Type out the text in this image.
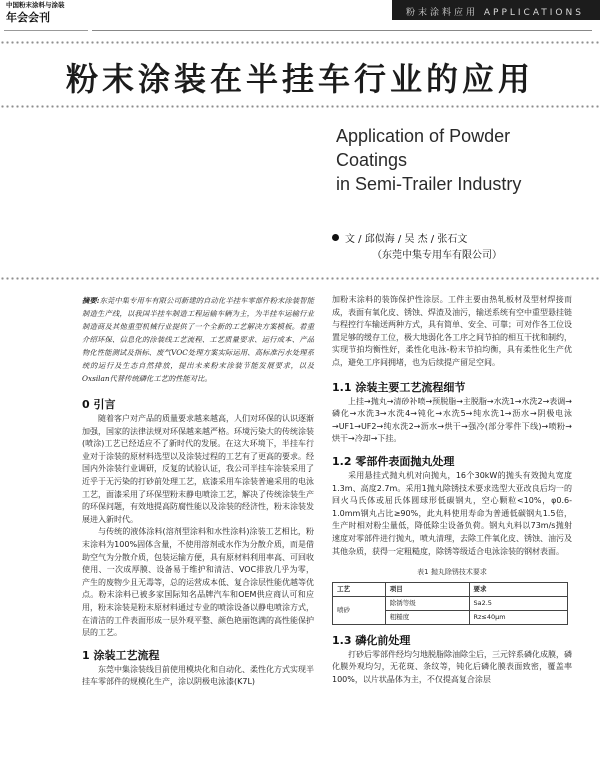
中国粉末涂料与涂装
年会会刊	粉末涂料应用 APPLICATIONS
粉末涂装在半挂车行业的应用
Application of Powder Coatings
in Semi-Trailer Industry
文 / 邱似海 / 吴 杰 / 张石文
（东莞中集专用车有限公司）

摘要:东莞中集专用车有限公司新建的自动化半挂车零部件粉末涂装智能制造生产线，以我国半挂车制造工程运输车辆为主，为半挂车运输行业制造商及其他重型机械行业提供了一个全新的工艺解决方案模板。着重介绍环保、信息化的涂装线工艺流程、工艺质量要求、运行成本、产品物化性能测试及指标、废气VOC处理方案实际运用、高标准污水处理系统的运行及生态自然排放，提出未来粉末涂装节能发展要求，以及Oxsilan代替传统磷化工艺的性能对比。

0 引言

随着客户对产品的质量要求越来越高，人们对环保的认识逐渐加强，国家的法律法规对环保越来越严格。环境污染大的传统涂装(喷涂)工艺已经适应不了新时代的发展。在这大环境下，半挂车行业对于涂装的原材料选型以及涂装过程的工艺有了更高的要求。经国内外涂装行业调研，反复的试验认证，我公司半挂车涂装采用了近乎于无污染的打砂前处理工艺，底漆采用车涂装普遍采用的电泳工艺，面漆采用了环保型粉末静电喷涂工艺，解决了传统涂装生产的环保问题，有效地提高防腐性能以及涂装的经济性，粉末涂装发展进入新时代。

与传统的液体涂料(溶剂型涂料和水性涂料)涂装工艺相比，粉末涂料为100%固体含量，不使用溶剂或水作为分散介质，而是借助空气为分散介质，包装运输方便，具有原材料利用率高、可回收使用、一次成厚膜、设备易于维护和清洁、VOC排放几乎为零，产生的废物少且无毒等，总的运营成本低、复合涂层性能优越等优点。粉末涂料已被多家国际知名品牌汽车和OEM供应商认可和应用，粉末涂装是粉末原材料通过专业的喷涂设备以静电喷涂方式，在清洁的工件表面形成一层外观平整、颜色艳丽饱满的高性能保护层的工艺。

1 涂装工艺流程

东莞中集涂装线目前使用模块化和自动化、柔性化方式实现半挂车零部件的规模化生产，涂以阴极电泳漆(K7L)

加粉末涂料的装饰保护性涂层。工件主要由热轧板材及型材焊接而成，表面有氧化皮、锈蚀、焊渣及油污，输送系统有空中重型悬挂链与程控行车输送两种方式，具有简单、安全、可靠；可对作各工位设置足够的缓存工位，极大地弱化各工序之间节拍的相互干扰和制约，实现节拍均衡性好，柔性化电泳-粉末节拍均衡，具有柔性化生产优点，避免工序间拥堵，也为后续提产留足空间。

1.1 涂装主要工艺流程细节

上挂→抛丸→清砂补喷→预脱脂→主脱脂→水洗1→水洗2→表调→磷化→水洗3→水洗4→钝化→水洗5→纯水洗1→沥水→阴极电泳→UF1→UF2→纯水洗2→沥水→烘干→强冷(部分零件下线)→喷粉→烘干→冷却→下挂。

1.2 零部件表面抛丸处理

采用悬挂式抛丸机对向抛丸，16个30kW的抛头有效抛丸宽度1.3m、高度2.7m。采用1抛丸除锈技术要求选型大亚改良后均一的回火马氏体或屈氏体圆球形低碳钢丸，空心颗粒<10%，φ0.6-1.0mm钢丸占比≥90%，此丸料使用寿命为普通低碳钢丸1.5倍，生产时相对粉尘量低，降低除尘设备负荷。钢丸丸料以73m/s抛射速度对零部件进行抛丸，喷丸清理，去除工件氧化皮、锈蚀、油污及其他杂质，获得一定粗糙度，除锈等级适合电泳涂装的钢材表面。

表1 抛丸除锈技术要求

工艺	项目	要求
喷砂	除锈等级	Sa2.5
	粗糙度	Rz≤40μm

1.3 磷化前处理

打砂后零部件经均匀地脱脂除油除尘后，三元锌系磷化成膜，磷化膜外观均匀，无花斑、条纹等，钝化后磷化膜表面致密，覆盖率100%，以片状晶体为主，不仅提高复合涂层
